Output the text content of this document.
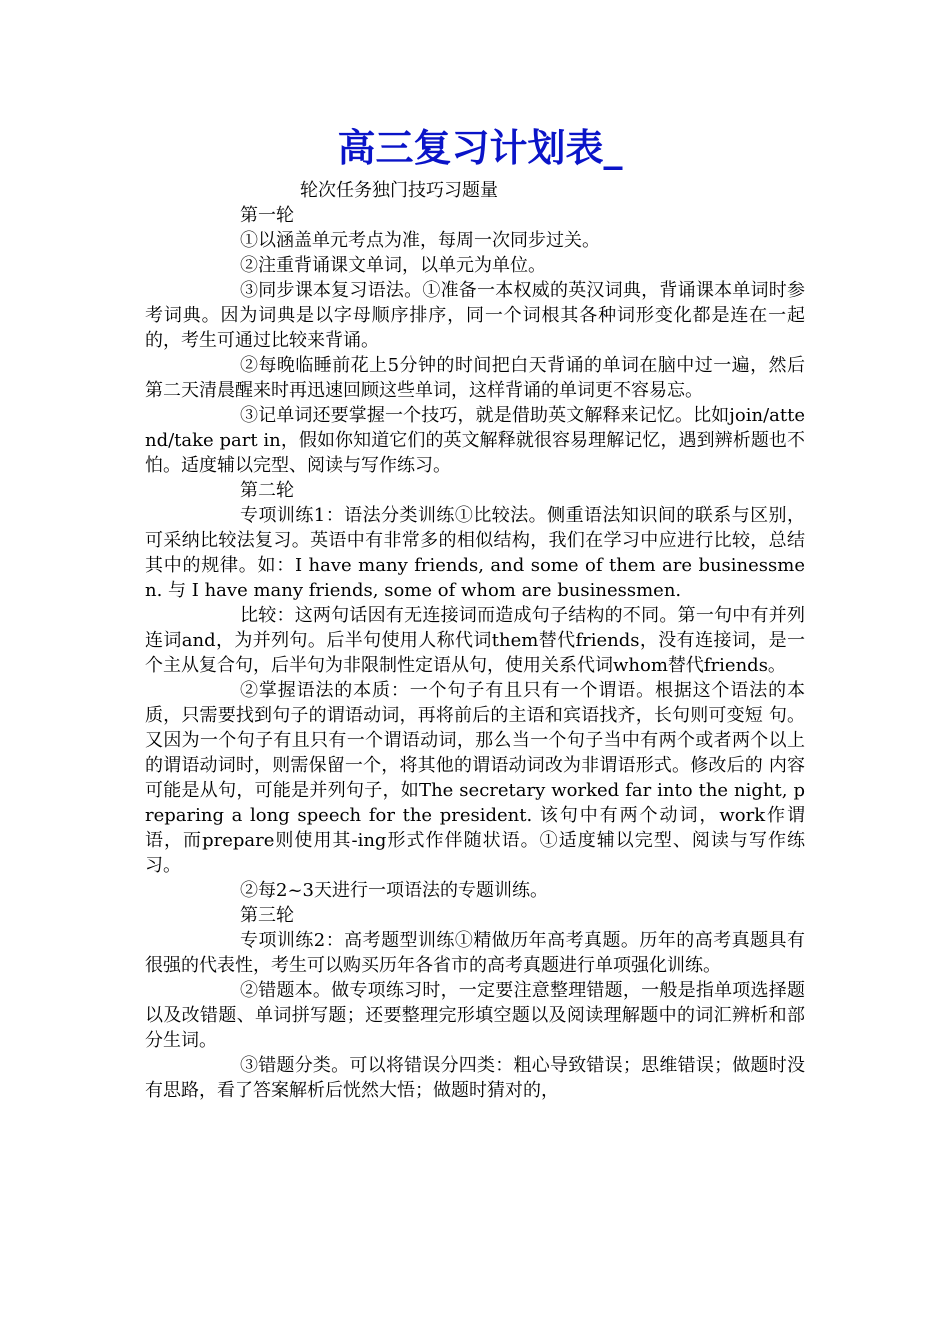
高三复习计划表_

轮次任务独门技巧习题量

第一轮

①以涵盖单元考点为准，每周一次同步过关。

②注重背诵课文单词，以单元为单位。

③同步课本复习语法。①准备一本权威的英汉词典，背诵课本单词时参考词典。因为词典是以字母顺序排序，同一个词根其各种词形变化都是连在一起的，考生可通过比较来背诵。

②每晚临睡前花上5分钟的时间把白天背诵的单词在脑中过一遍，然后第二天清晨醒来时再迅速回顾这些单词，这样背诵的单词更不容易忘。

③记单词还要掌握一个技巧，就是借助英文解释来记忆。比如join/attend/take part in，假如你知道它们的英文解释就很容易理解记忆，遇到辨析题也不怕。适度辅以完型、阅读与写作练习。

第二轮

专项训练1：语法分类训练①比较法。侧重语法知识间的联系与区别，可采纳比较法复习。英语中有非常多的相似结构，我们在学习中应进行比较，总结其中的规律。如：I have many friends, and some of them are businessmen. 与 I have many friends, some of whom are businessmen.

比较：这两句话因有无连接词而造成句子结构的不同。第一句中有并列连词and，为并列句。后半句使用人称代词them替代friends，没有连接词，是一个主从复合句，后半句为非限制性定语从句，使用关系代词whom替代friends。

②掌握语法的本质：一个句子有且只有一个谓语。根据这个语法的本质，只需要找到句子的谓语动词，再将前后的主语和宾语找齐，长句则可变短 句。又因为一个句子有且只有一个谓语动词，那么当一个句子当中有两个或者两个以上的谓语动词时，则需保留一个，将其他的谓语动词改为非谓语形式。修改后的 内容可能是从句，可能是并列句子，如The secretary worked far into the night, preparing a long speech for the president. 该句中有两个动词，work作谓语，而prepare则使用其-ing形式作伴随状语。①适度辅以完型、阅读与写作练习。

②每2~3天进行一项语法的专题训练。

第三轮

专项训练2：高考题型训练①精做历年高考真题。历年的高考真题具有很强的代表性，考生可以购买历年各省市的高考真题进行单项强化训练。

②错题本。做专项练习时，一定要注意整理错题，一般是指单项选择题以及改错题、单词拼写题；还要整理完形填空题以及阅读理解题中的词汇辨析和部分生词。

③错题分类。可以将错误分四类：粗心导致错误；思维错误；做题时没有思路，看了答案解析后恍然大悟；做题时猜对的，
